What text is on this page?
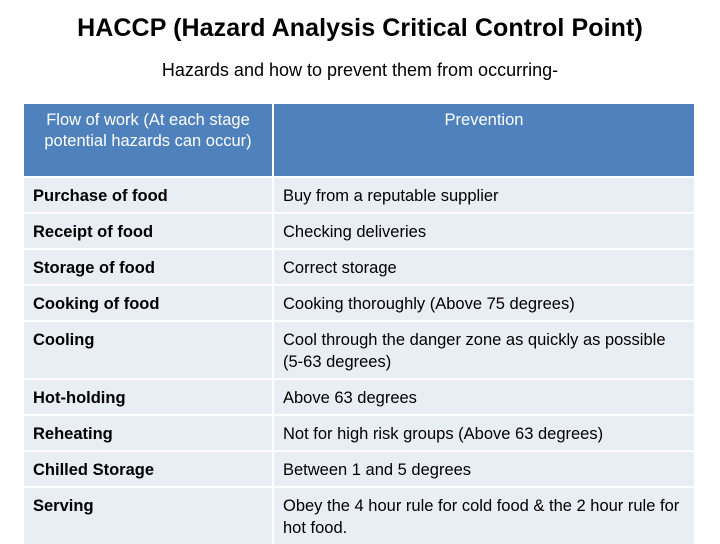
HACCP (Hazard Analysis Critical Control Point)
Hazards and how to prevent them from occurring-
Flow of work (At each stage potential hazards can occur)	Prevention
Purchase of food	Buy from a reputable supplier
Receipt of food	Checking deliveries
Storage of food	Correct storage
Cooking of food	Cooking thoroughly (Above 75 degrees)
Cooling	Cool through the danger zone as quickly as possible (5-63 degrees)
Hot-holding	Above 63 degrees
Reheating	Not for high risk groups (Above 63 degrees)
Chilled Storage	Between 1 and 5 degrees
Serving	Obey the 4 hour rule for cold food & the 2 hour rule for hot food.
